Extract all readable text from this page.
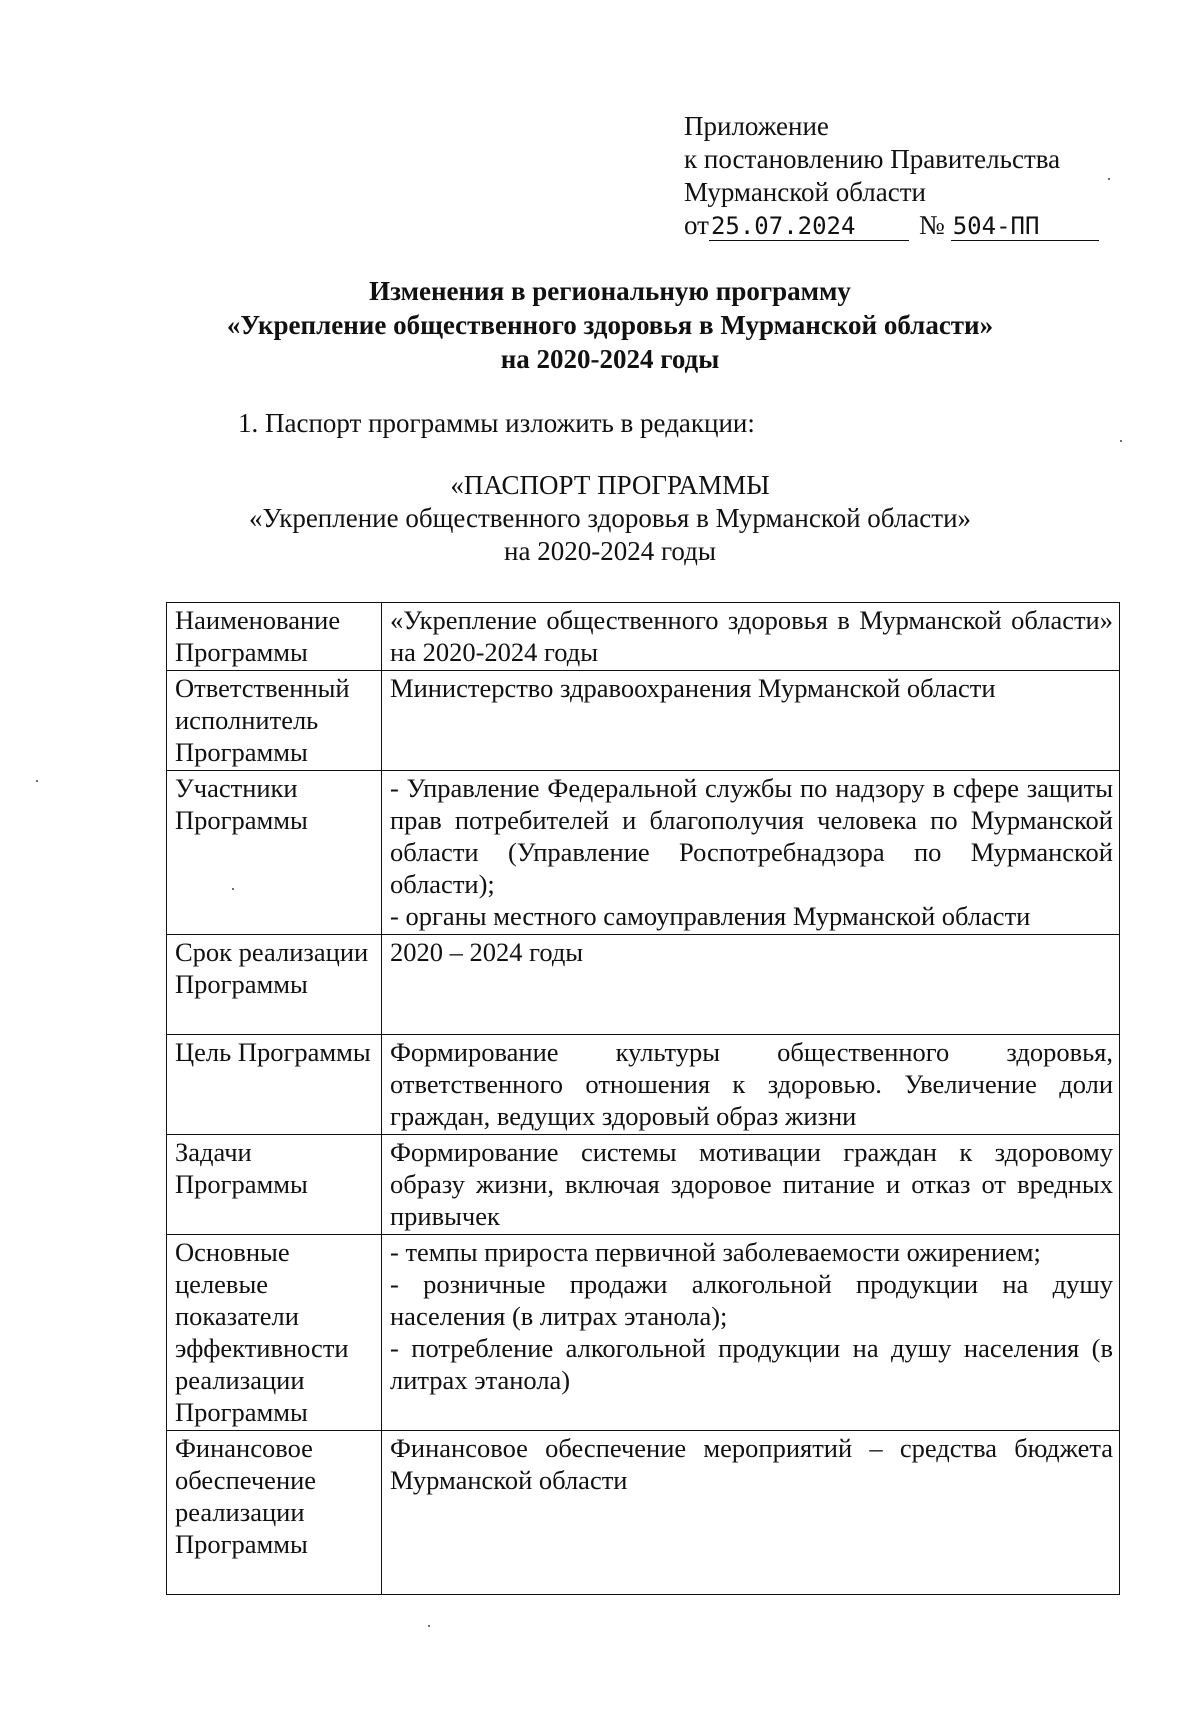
Приложение
к постановлению Правительства
Мурманской области
от 25.07.2024	№ 504-ПП
Изменения в региональную программу
«Укрепление общественного здоровья в Мурманской области»
на 2020-2024 годы
1. Паспорт программы изложить в редакции:
«ПАСПОРТ ПРОГРАММЫ
«Укрепление общественного здоровья в Мурманской области»
на 2020-2024 годы
Наименование Программы	«Укрепление общественного здоровья в Мурманской области» на 2020-2024 годы
Ответственный исполнитель Программы	Министерство здравоохранения Мурманской области
Участники Программы	- Управление Федеральной службы по надзору в сфере защиты прав потребителей и благополучия человека по Мурманской области (Управление Роспотребнадзора по Мурманской области);
- органы местного самоуправления Мурманской области
Срок реализации Программы	2020 – 2024 годы
Цель Программы	Формирование культуры общественного здоровья, ответственного отношения к здоровью. Увеличение доли граждан, ведущих здоровый образ жизни
Задачи Программы	Формирование системы мотивации граждан к здоровому образу жизни, включая здоровое питание и отказ от вредных привычек
Основные целевые показатели эффективности реализации Программы	- темпы прироста первичной заболеваемости ожирением;
- розничные продажи алкогольной продукции на душу населения (в литрах этанола);
- потребление алкогольной продукции на душу населения (в литрах этанола)
Финансовое обеспечение реализации Программы	Финансовое обеспечение мероприятий – средства бюджета Мурманской области
